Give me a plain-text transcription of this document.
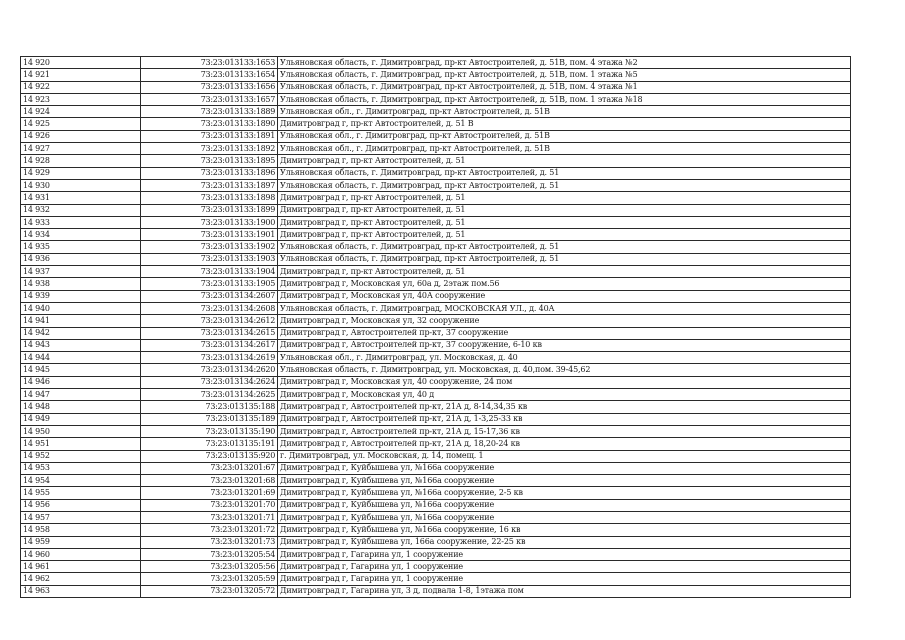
14 920	73:23:013133:1653	Ульяновская область, г. Димитровград, пр-кт Автостроителей, д. 51В, пом. 4 этажа №2
14 921	73:23:013133:1654	Ульяновская область, г. Димитровград, пр-кт Автостроителей, д. 51В, пом. 1 этажа №5
14 922	73:23:013133:1656	Ульяновская область, г. Димитровград, пр-кт Автостроителей, д. 51В, пом. 4 этажа №1
14 923	73:23:013133:1657	Ульяновская область, г. Димитровград, пр-кт Автостроителей, д. 51В, пом. 1 этажа №18
14 924	73:23:013133:1889	Ульяновская обл., г. Димитровград, пр-кт Автостроителей, д. 51В
14 925	73:23:013133:1890	Димитровград г, пр-кт Автостроителей, д. 51 В
14 926	73:23:013133:1891	Ульяновская обл., г. Димитровград, пр-кт Автостроителей, д. 51В
14 927	73:23:013133:1892	Ульяновская обл., г. Димитровград, пр-кт Автостроителей, д. 51В
14 928	73:23:013133:1895	Димитровград г, пр-кт Автостроителей, д. 51
14 929	73:23:013133:1896	Ульяновская область, г. Димитровград, пр-кт Автостроителей, д. 51
14 930	73:23:013133:1897	Ульяновская область, г. Димитровград, пр-кт Автостроителей, д. 51
14 931	73:23:013133:1898	Димитровград г, пр-кт Автостроителей, д. 51
14 932	73:23:013133:1899	Димитровград г, пр-кт Автостроителей, д. 51
14 933	73:23:013133:1900	Димитровград г, пр-кт Автостроителей, д. 51
14 934	73:23:013133:1901	Димитровград г, пр-кт Автостроителей, д. 51
14 935	73:23:013133:1902	Ульяновская область, г. Димитровград, пр-кт Автостроителей, д. 51
14 936	73:23:013133:1903	Ульяновская область, г. Димитровград, пр-кт Автостроителей, д. 51
14 937	73:23:013133:1904	Димитровград г, пр-кт Автостроителей, д. 51
14 938	73:23:013133:1905	Димитровград г, Московская ул, 60а д, 2этаж пом.56
14 939	73:23:013134:2607	Димитровград г, Московская ул, 40А сооружение
14 940	73:23:013134:2608	Ульяновская область, г. Димитровград, МОСКОВСКАЯ УЛ., д. 40А
14 941	73:23:013134:2612	Димитровград г, Московская ул, 32 сооружение
14 942	73:23:013134:2615	Димитровград г, Автостроителей пр-кт, 37 сооружение
14 943	73:23:013134:2617	Димитровград г, Автостроителей пр-кт, 37 сооружение, 6-10 кв
14 944	73:23:013134:2619	Ульяновская обл., г. Димитровград, ул. Московская, д. 40
14 945	73:23:013134:2620	Ульяновская область, г. Димитровград, ул. Московская, д. 40,пом. 39-45,62
14 946	73:23:013134:2624	Димитровград г, Московская ул, 40 сооружение, 24 пом
14 947	73:23:013134:2625	Димитровград г, Московская ул, 40 д
14 948	73:23:013135:188	Димитровград г, Автостроителей пр-кт, 21А д, 8-14,34,35 кв
14 949	73:23:013135:189	Димитровград г, Автостроителей пр-кт, 21А д, 1-3,25-33 кв
14 950	73:23:013135:190	Димитровград г, Автостроителей пр-кт, 21А д, 15-17,36 кв
14 951	73:23:013135:191	Димитровград г, Автостроителей пр-кт, 21А д, 18,20-24 кв
14 952	73:23:013135:920	г. Димитровград, ул. Московская, д. 14, помещ. 1
14 953	73:23:013201:67	Димитровград г, Куйбышева ул, №166а сооружение
14 954	73:23:013201:68	Димитровград г, Куйбышева ул, №166а сооружение
14 955	73:23:013201:69	Димитровград г, Куйбышева ул, №166а сооружение, 2-5 кв
14 956	73:23:013201:70	Димитровград г, Куйбышева ул, №166а сооружение
14 957	73:23:013201:71	Димитровград г, Куйбышева ул, №166а сооружение
14 958	73:23:013201:72	Димитровград г, Куйбышева ул, №166а сооружение, 16 кв
14 959	73:23:013201:73	Димитровград г, Куйбышева ул, 166а сооружение, 22-25 кв
14 960	73:23:013205:54	Димитровград г, Гагарина ул, 1 сооружение
14 961	73:23:013205:56	Димитровград г, Гагарина ул, 1 сооружение
14 962	73:23:013205:59	Димитровград г, Гагарина ул, 1 сооружение
14 963	73:23:013205:72	Димитровград г, Гагарина ул, 3 д, подвала 1-8, 1этажа пом
